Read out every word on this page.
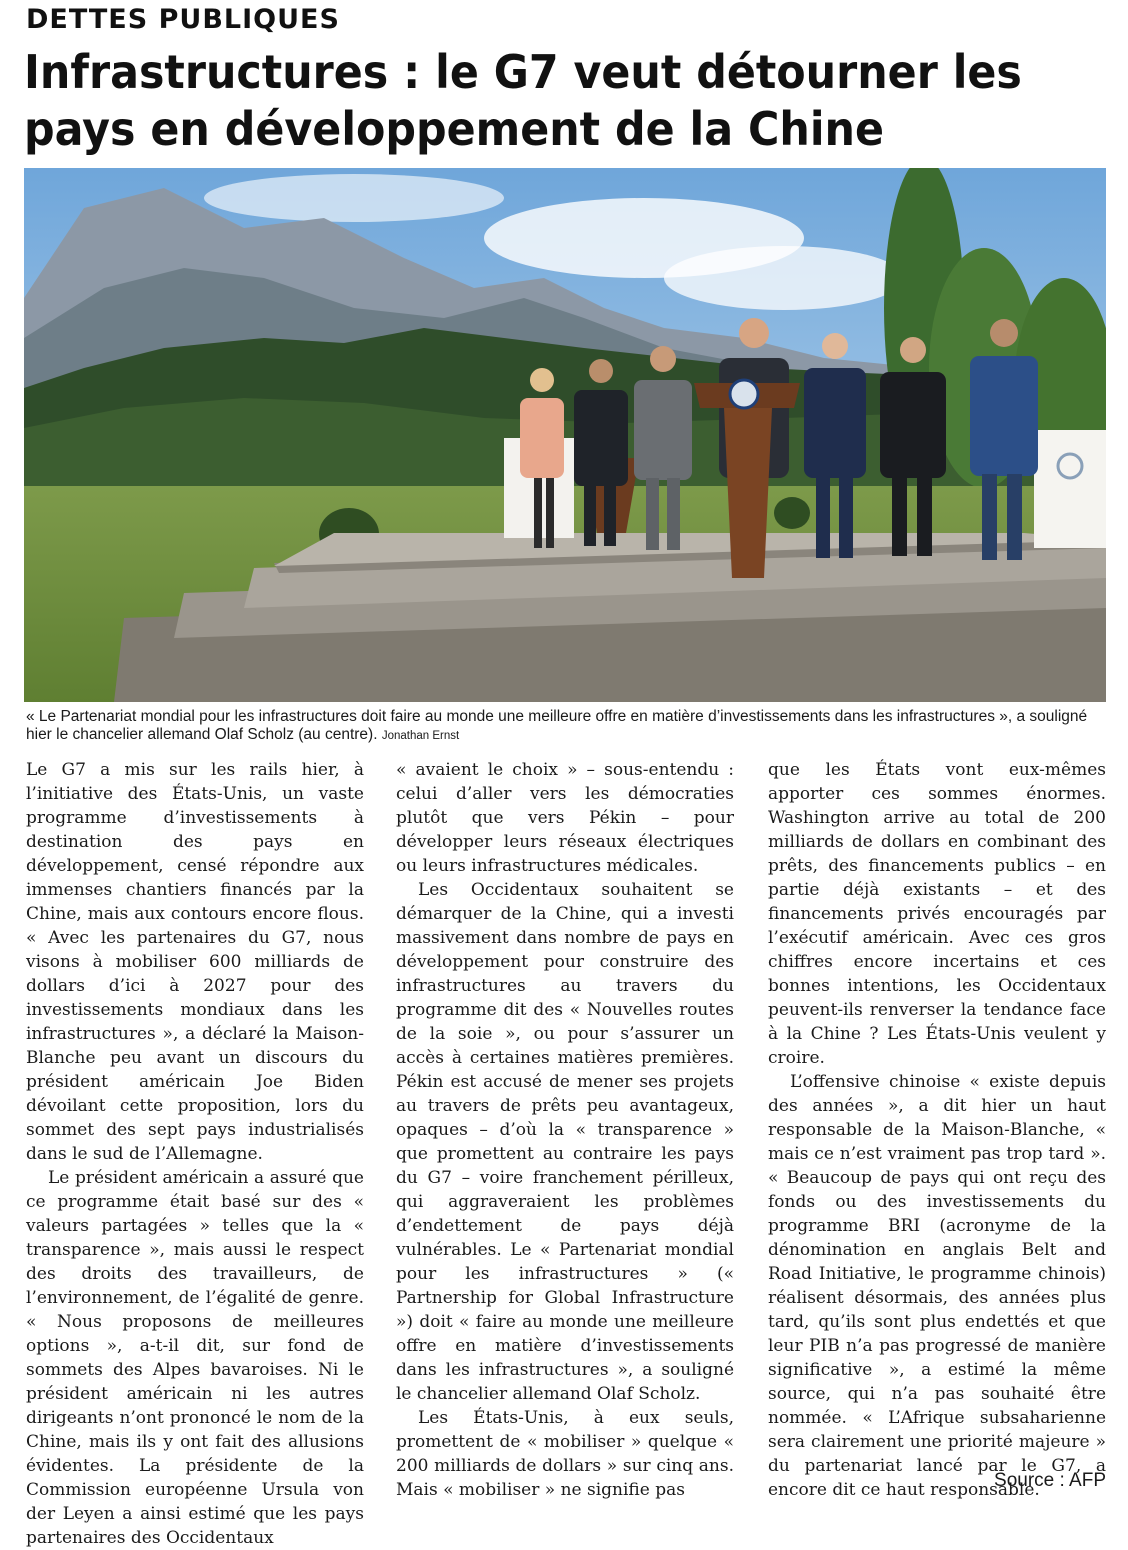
DETTES PUBLIQUES
Infrastructures : le G7 veut détourner les pays en développement de la Chine
« Le Partenariat mondial pour les infrastructures doit faire au monde une meilleure offre en matière d’investissements dans les infrastructures », a souligné hier le chancelier allemand Olaf Scholz (au centre). Jonathan Ernst

Le G7 a mis sur les rails hier, à l’initiative des États-Unis, un vaste programme d’investissements à destination des pays en développement, censé répondre aux immenses chantiers financés par la Chine, mais aux contours encore flous. « Avec les partenaires du G7, nous visons à mobiliser 600 milliards de dollars d’ici à 2027 pour des investissements mondiaux dans les infrastructures », a déclaré la Maison-Blanche peu avant un discours du président américain Joe Biden dévoilant cette proposition, lors du sommet des sept pays industrialisés dans le sud de l’Allemagne.

Le président américain a assuré que ce programme était basé sur des « valeurs partagées » telles que la « transparence », mais aussi le respect des droits des travailleurs, de l’environnement, de l’égalité de genre. « Nous proposons de meilleures options », a-t-il dit, sur fond de sommets des Alpes bavaroises. Ni le président américain ni les autres dirigeants n’ont prononcé le nom de la Chine, mais ils y ont fait des allusions évidentes. La présidente de la Commission européenne Ursula von der Leyen a ainsi estimé que les pays partenaires des Occidentaux

« avaient le choix » – sous-entendu : celui d’aller vers les démocraties plutôt que vers Pékin – pour développer leurs réseaux électriques ou leurs infrastructures médicales.

Les Occidentaux souhaitent se démarquer de la Chine, qui a investi massivement dans nombre de pays en développement pour construire des infrastructures au travers du programme dit des « Nouvelles routes de la soie », ou pour s’assurer un accès à certaines matières premières. Pékin est accusé de mener ses projets au travers de prêts peu avantageux, opaques – d’où la « transparence » que promettent au contraire les pays du G7 – voire franchement périlleux, qui aggraveraient les problèmes d’endettement de pays déjà vulnérables. Le « Partenariat mondial pour les infrastructures » (« Partnership for Global Infrastructure ») doit « faire au monde une meilleure offre en matière d’investissements dans les infrastructures », a souligné le chancelier allemand Olaf Scholz.

Les États-Unis, à eux seuls, promettent de « mobiliser » quelque « 200 milliards de dollars » sur cinq ans. Mais « mobiliser » ne signifie pas

que les États vont eux-mêmes apporter ces sommes énormes. Washington arrive au total de 200 milliards de dollars en combinant des prêts, des financements publics – en partie déjà existants – et des financements privés encouragés par l’exécutif américain. Avec ces gros chiffres encore incertains et ces bonnes intentions, les Occidentaux peuvent-ils renverser la tendance face à la Chine ? Les États-Unis veulent y croire.

L’offensive chinoise « existe depuis des années », a dit hier un haut responsable de la Maison-Blanche, « mais ce n’est vraiment pas trop tard ». « Beaucoup de pays qui ont reçu des fonds ou des investissements du programme BRI (acronyme de la dénomination en anglais Belt and Road Initiative, le programme chinois) réalisent désormais, des années plus tard, qu’ils sont plus endettés et que leur PIB n’a pas progressé de manière significative », a estimé la même source, qui n’a pas souhaité être nommée. « L’Afrique subsaharienne sera clairement une priorité majeure » du partenariat lancé par le G7, a encore dit ce haut responsable.

Source : AFP
